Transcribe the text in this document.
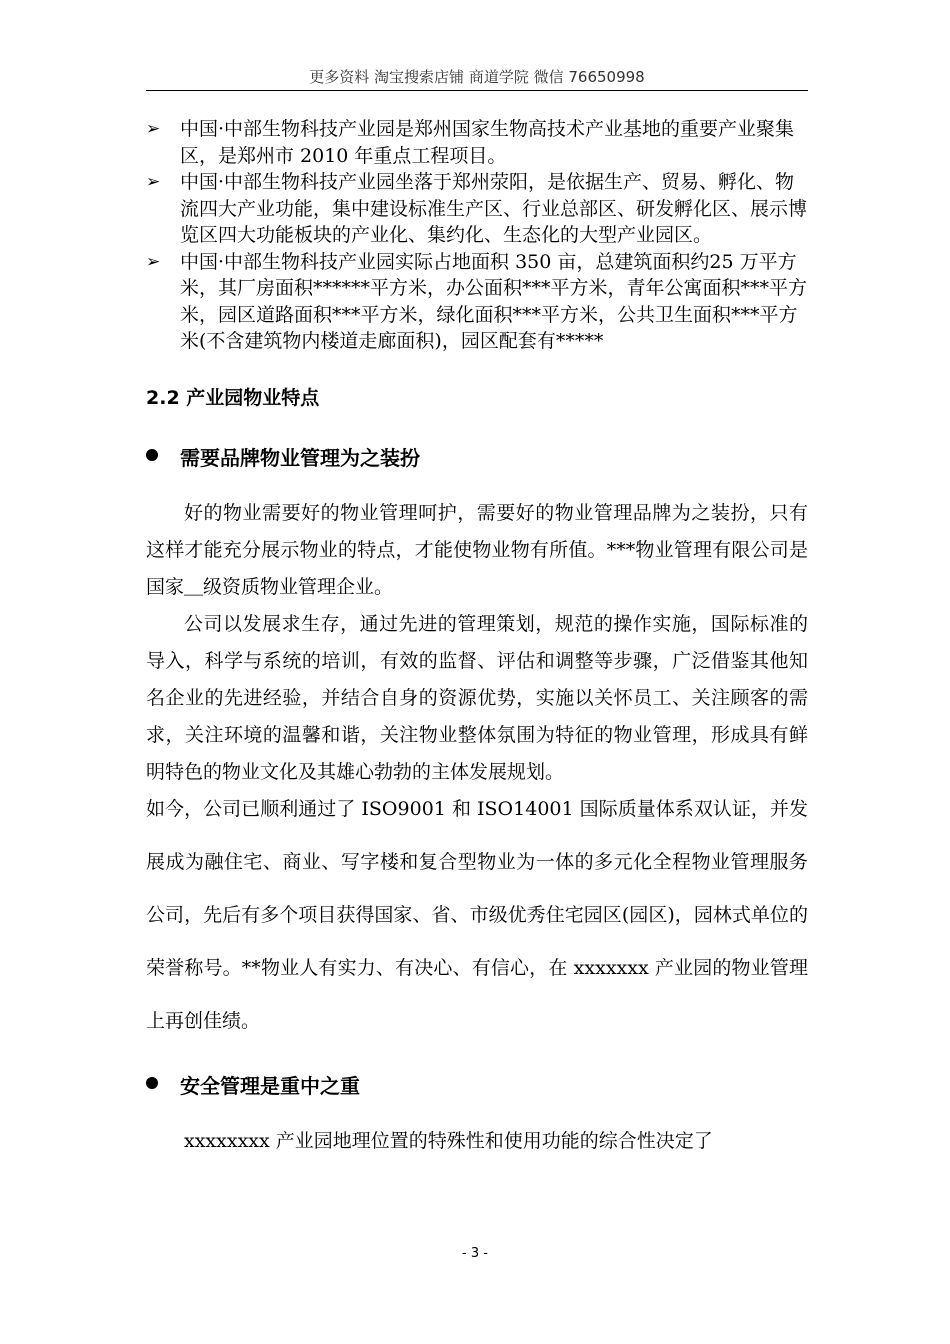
更多资料 淘宝搜索店铺 商道学院 微信 76650998
➢	中国·中部生物科技产业园是郑州国家生物高技术产业基地的重要产业聚集区，是郑州市 2010 年重点工程项目。
➢	中国·中部生物科技产业园坐落于郑州荥阳，是依据生产、贸易、孵化、物流四大产业功能，集中建设标准生产区、行业总部区、研发孵化区、展示博览区四大功能板块的产业化、集约化、生态化的大型产业园区。
➢	中国·中部生物科技产业园实际占地面积 350 亩，总建筑面积约25 万平方米，其厂房面积******平方米，办公面积***平方米，青年公寓面积***平方米，园区道路面积***平方米，绿化面积***平方米，公共卫生面积***平方米(不含建筑物内楼道走廊面积)，园区配套有*****

2.2 产业园物业特点

需要品牌物业管理为之装扮

好的物业需要好的物业管理呵护，需要好的物业管理品牌为之装扮，只有这样才能充分展示物业的特点，才能使物业物有所值。***物业管理有限公司是国家＿级资质物业管理企业。

公司以发展求生存，通过先进的管理策划，规范的操作实施，国际标准的导入，科学与系统的培训，有效的监督、评估和调整等步骤，广泛借鉴其他知名企业的先进经验，并结合自身的资源优势，实施以关怀员工、关注顾客的需求，关注环境的温馨和谐，关注物业整体氛围为特征的物业管理，形成具有鲜明特色的物业文化及其雄心勃勃的主体发展规划。

如今，公司已顺利通过了 ISO9001 和 ISO14001 国际质量体系双认证，并发展成为融住宅、商业、写字楼和复合型物业为一体的多元化全程物业管理服务公司，先后有多个项目获得国家、省、市级优秀住宅园区(园区)，园林式单位的荣誉称号。**物业人有实力、有决心、有信心，在 xxxxxxx 产业园的物业管理上再创佳绩。

安全管理是重中之重

xxxxxxxx 产业园地理位置的特殊性和使用功能的综合性决定了

- 3 -
